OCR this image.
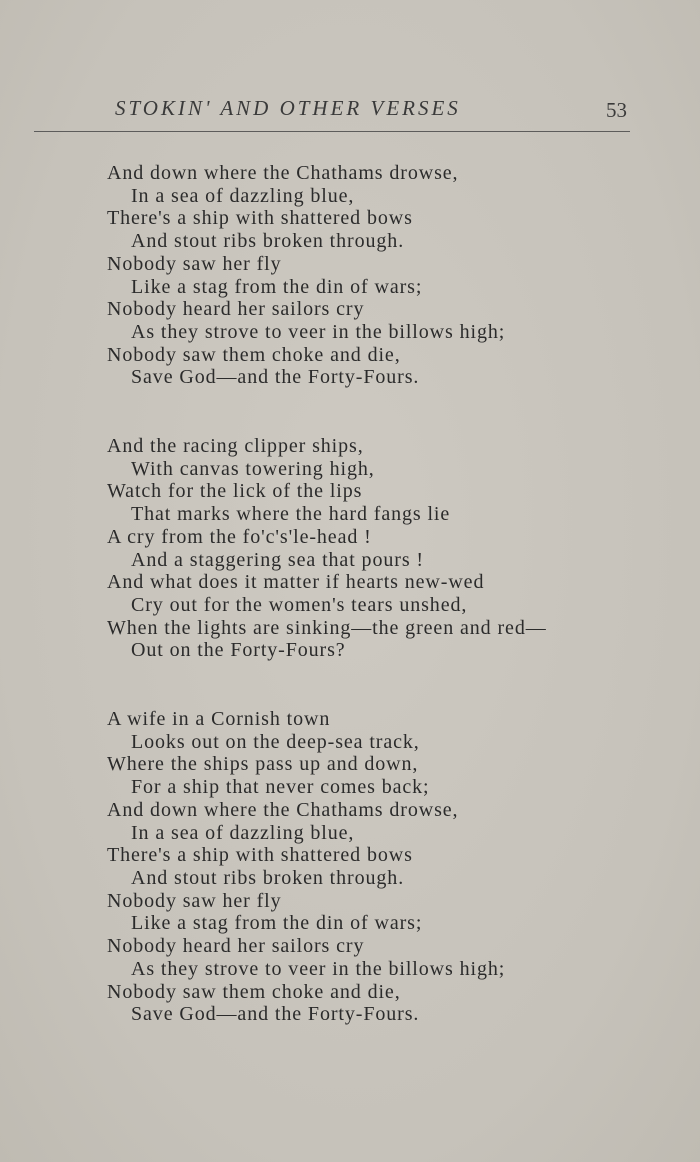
STOKIN' AND OTHER VERSES	53
And down where the Chathams drowse,
In a sea of dazzling blue,
There's a ship with shattered bows
And stout ribs broken through.
Nobody saw her fly
Like a stag from the din of wars;
Nobody heard her sailors cry
As they strove to veer in the billows high;
Nobody saw them choke and die,
Save God—and the Forty-Fours.
And the racing clipper ships,
With canvas towering high,
Watch for the lick of the lips
That marks where the hard fangs lie
A cry from the fo'c's'le-head !
And a staggering sea that pours !
And what does it matter if hearts new-wed
Cry out for the women's tears unshed,
When the lights are sinking—the green and red—
Out on the Forty-Fours?
A wife in a Cornish town
Looks out on the deep-sea track,
Where the ships pass up and down,
For a ship that never comes back;
And down where the Chathams drowse,
In a sea of dazzling blue,
There's a ship with shattered bows
And stout ribs broken through.
Nobody saw her fly
Like a stag from the din of wars;
Nobody heard her sailors cry
As they strove to veer in the billows high;
Nobody saw them choke and die,
Save God—and the Forty-Fours.
